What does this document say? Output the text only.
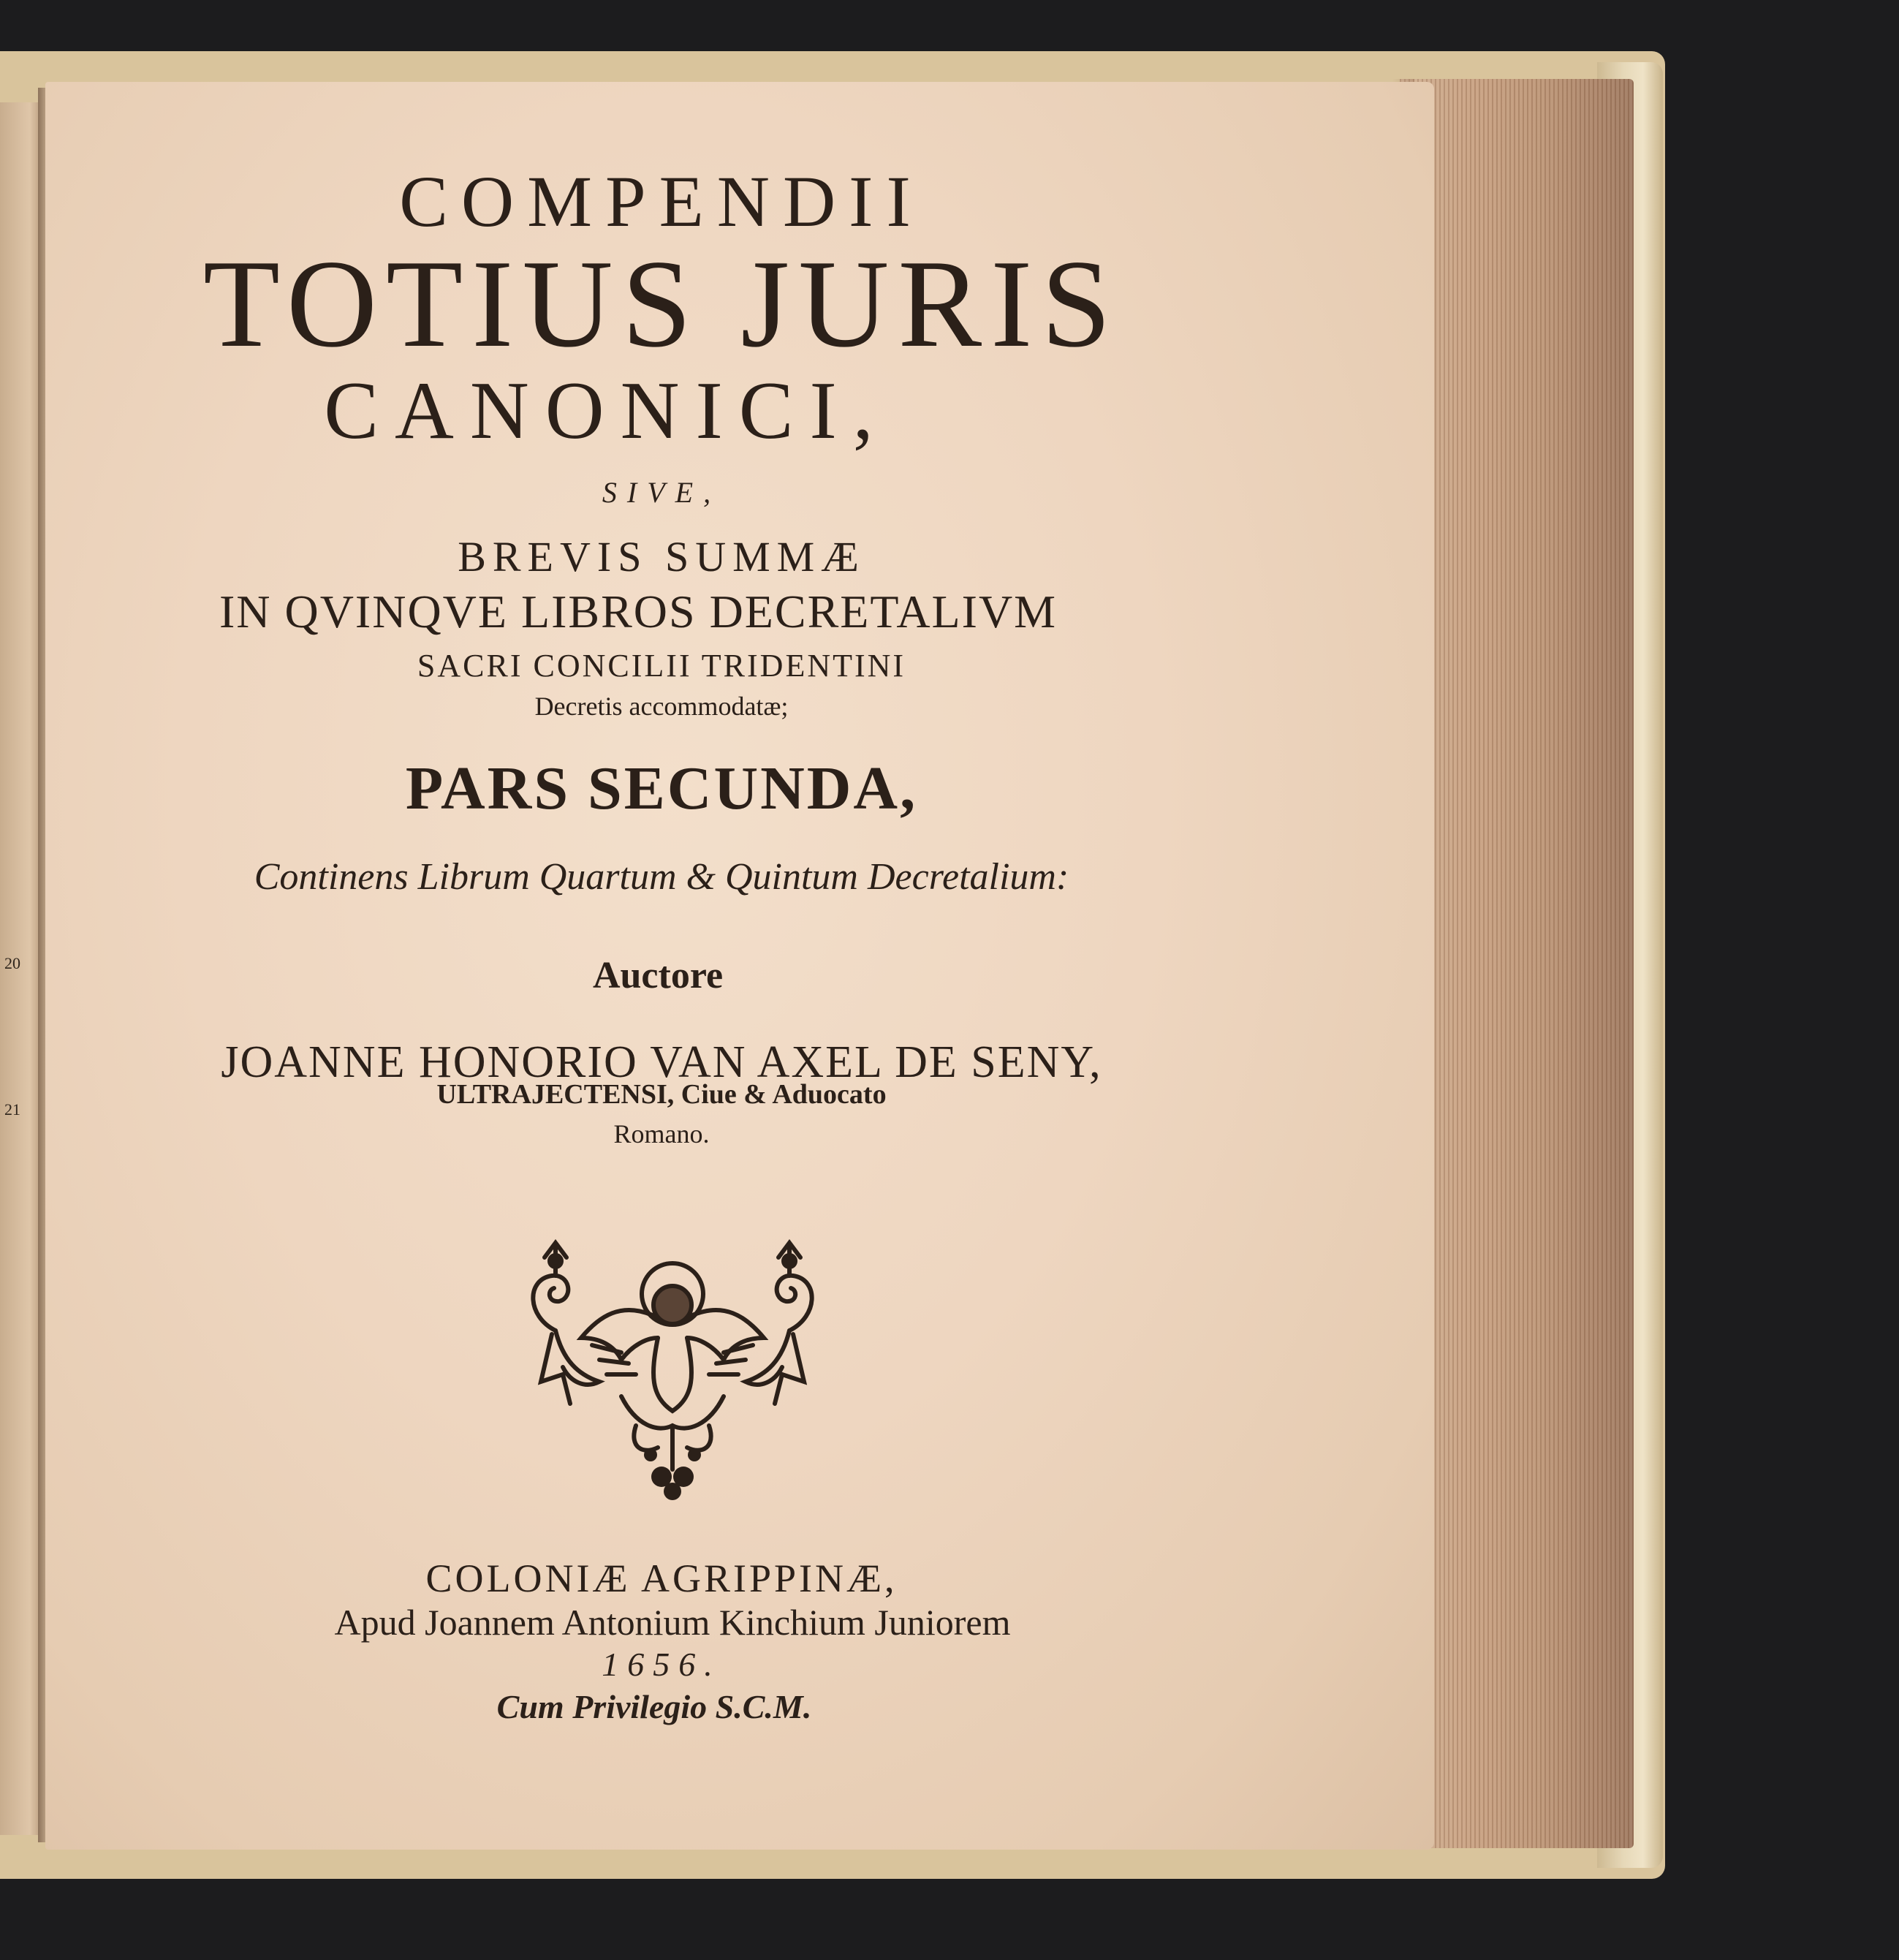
20
21
COMPENDII
TOTIUS JURIS
CANONICI,
SIVE,
BREVIS SUMMÆ
IN QVINQVE LIBROS DECRETALIVM
SACRI CONCILII TRIDENTINI
Decretis accommodatæ;
PARS SECUNDA,
Continens Librum Quartum & Quintum Decretalium:
Auctore
JOANNE HONORIO VAN AXEL DE SENY,
ULTRAJECTENSI, Ciue & Aduocato
Romano.
COLONIÆ AGRIPPINÆ,
Apud Joannem Antonium Kinchium Juniorem
1656.
Cum Privilegio S.C.M.
